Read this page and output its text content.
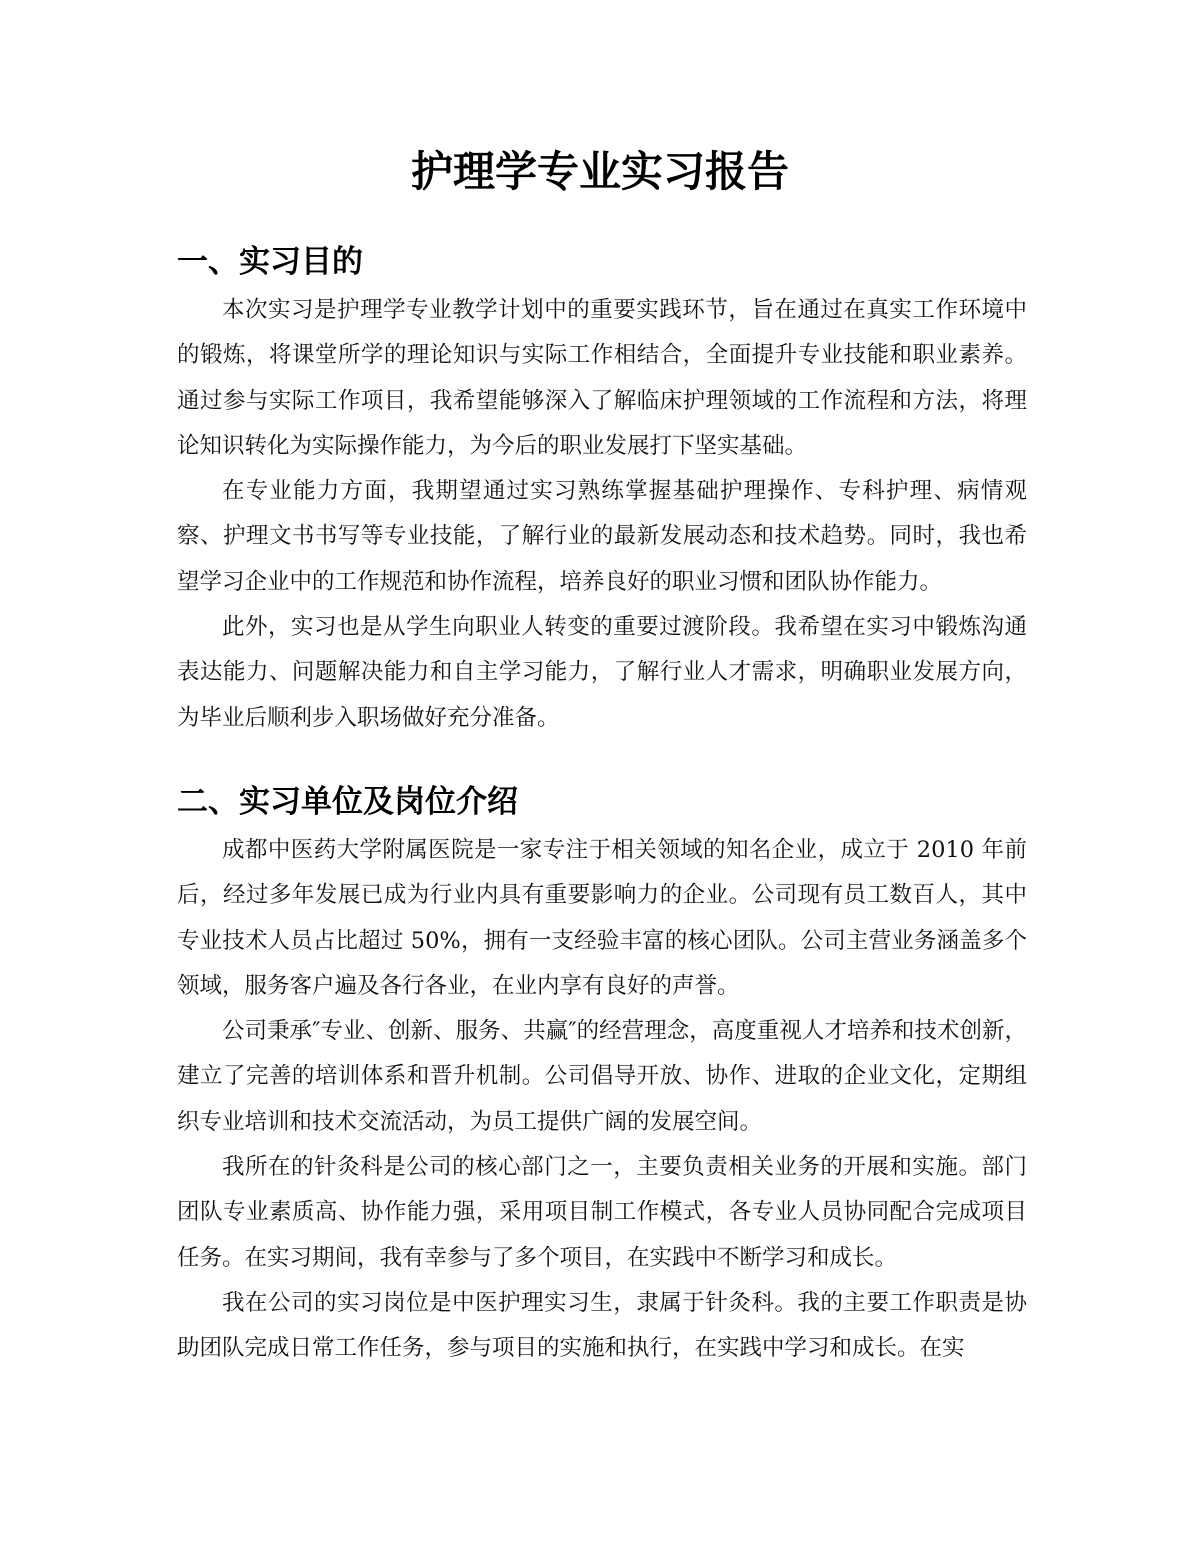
护理学专业实习报告
一、实习目的

本次实习是护理学专业教学计划中的重要实践环节，旨在通过在真实工作环境中的锻炼，将课堂所学的理论知识与实际工作相结合，全面提升专业技能和职业素养。通过参与实际工作项目，我希望能够深入了解临床护理领域的工作流程和方法，将理论知识转化为实际操作能力，为今后的职业发展打下坚实基础。

在专业能力方面，我期望通过实习熟练掌握基础护理操作、专科护理、病情观察、护理文书书写等专业技能，了解行业的最新发展动态和技术趋势。同时，我也希望学习企业中的工作规范和协作流程，培养良好的职业习惯和团队协作能力。

此外，实习也是从学生向职业人转变的重要过渡阶段。我希望在实习中锻炼沟通表达能力、问题解决能力和自主学习能力，了解行业人才需求，明确职业发展方向，为毕业后顺利步入职场做好充分准备。

二、实习单位及岗位介绍

成都中医药大学附属医院是一家专注于相关领域的知名企业，成立于 2010 年前后，经过多年发展已成为行业内具有重要影响力的企业。公司现有员工数百人，其中专业技术人员占比超过 50%，拥有一支经验丰富的核心团队。公司主营业务涵盖多个领域，服务客户遍及各行各业，在业内享有良好的声誉。

公司秉承″专业、创新、服务、共赢″的经营理念，高度重视人才培养和技术创新，建立了完善的培训体系和晋升机制。公司倡导开放、协作、进取的企业文化，定期组织专业培训和技术交流活动，为员工提供广阔的发展空间。

我所在的针灸科是公司的核心部门之一，主要负责相关业务的开展和实施。部门团队专业素质高、协作能力强，采用项目制工作模式，各专业人员协同配合完成项目任务。在实习期间，我有幸参与了多个项目，在实践中不断学习和成长。

我在公司的实习岗位是中医护理实习生，隶属于针灸科。我的主要工作职责是协助团队完成日常工作任务，参与项目的实施和执行，在实践中学习和成长。在实
